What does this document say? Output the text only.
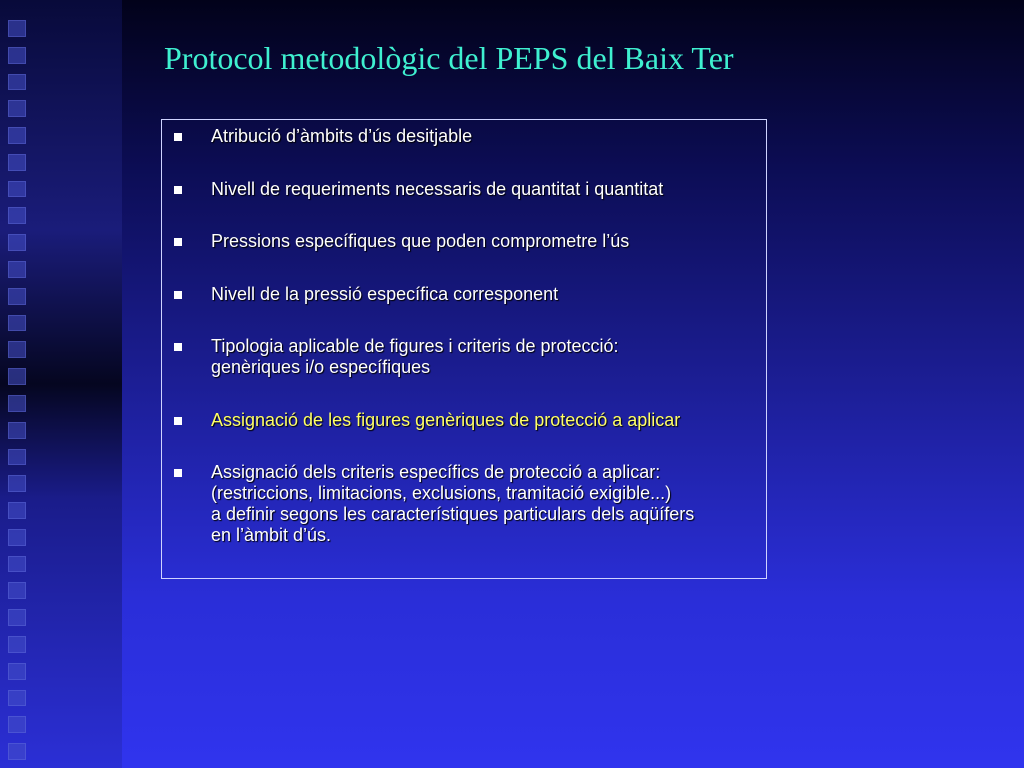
Protocol metodològic del PEPS del Baix Ter
Atribució d’àmbits d’ús desitjable
Nivell de requeriments necessaris de quantitat i quantitat
Pressions específiques que poden comprometre l’ús
Nivell de la pressió específica corresponent
Tipologia aplicable de figures i criteris de protecció:
genèriques i/o específiques
Assignació de les figures genèriques de protecció a aplicar
Assignació dels criteris específics de protecció a aplicar:
(restriccions, limitacions, exclusions, tramitació exigible...)
a definir segons les característiques particulars dels aqüífers
en l’àmbit d’ús.
